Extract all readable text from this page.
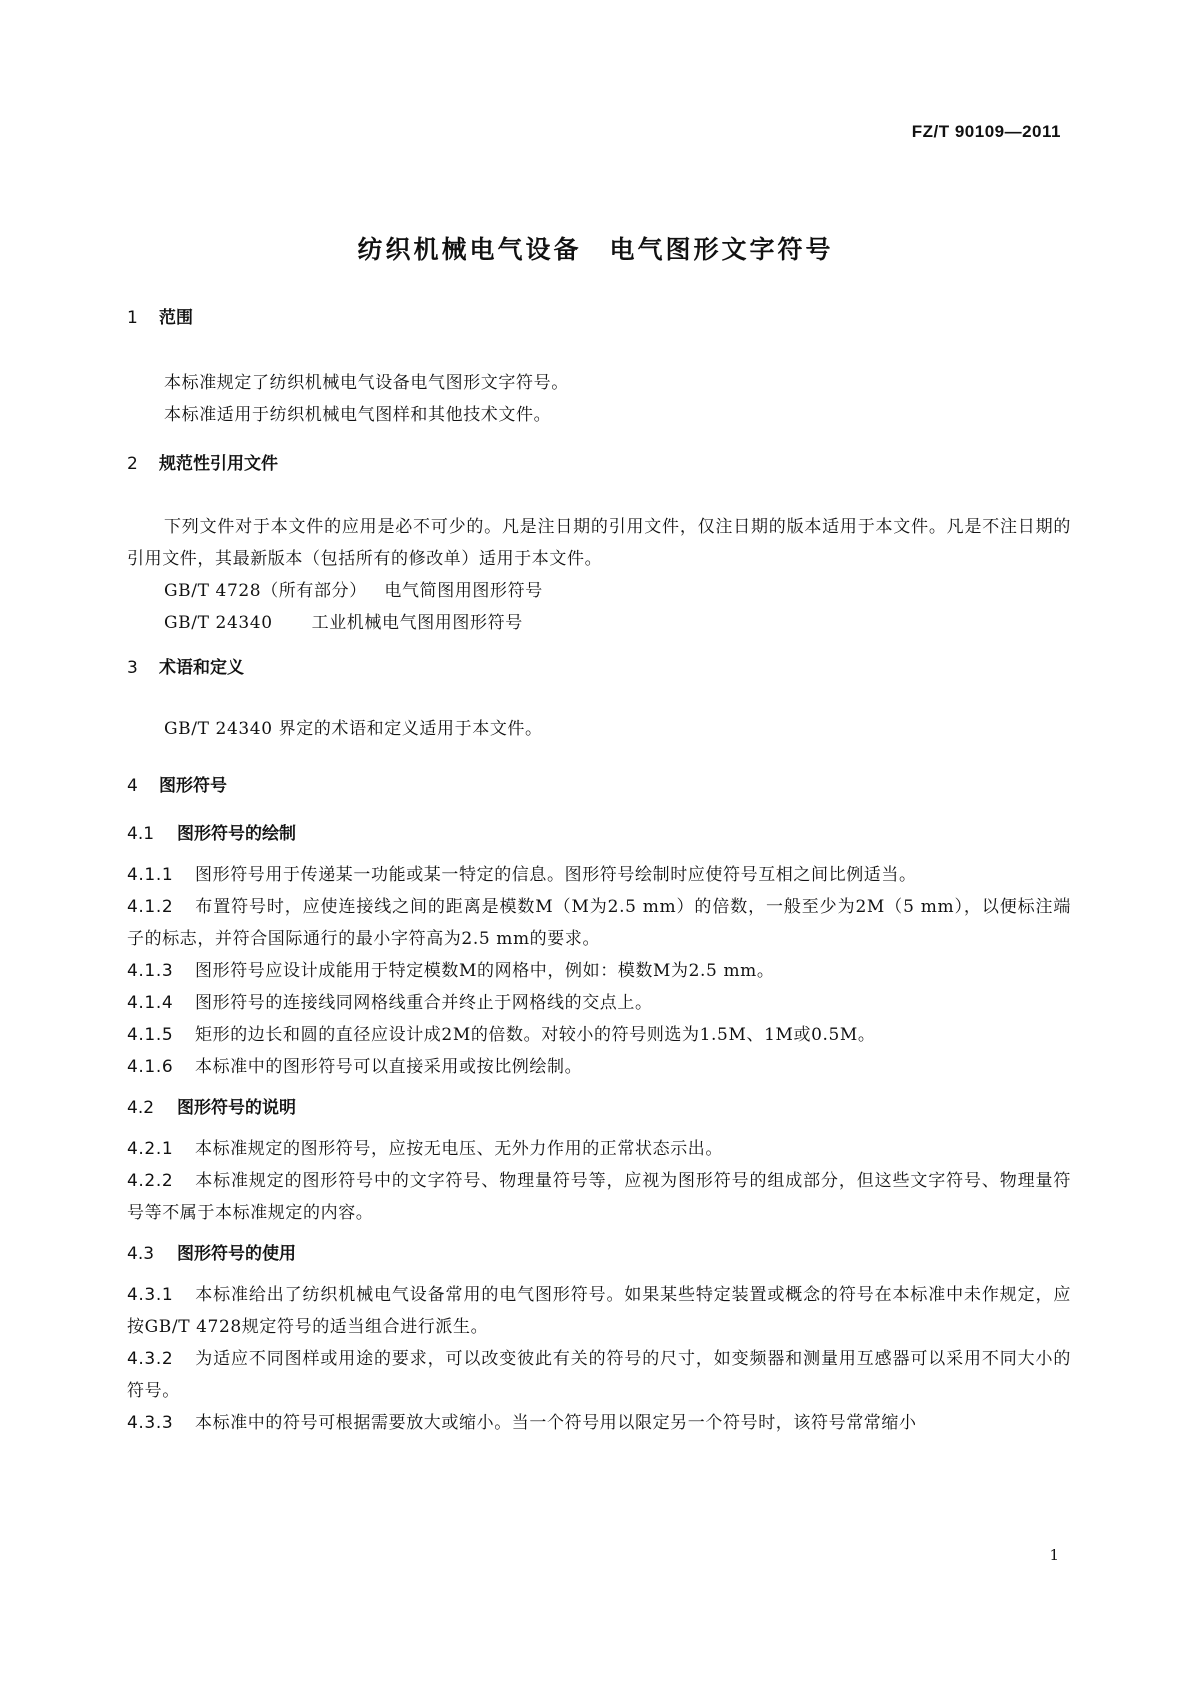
FZ/T 90109—2011
纺织机械电气设备　电气图形文字符号
1 范围
本标准规定了纺织机械电气设备电气图形文字符号。
本标准适用于纺织机械电气图样和其他技术文件。
2 规范性引用文件
下列文件对于本文件的应用是必不可少的。凡是注日期的引用文件，仅注日期的版本适用于本文件。凡是不注日期的引用文件，其最新版本（包括所有的修改单）适用于本文件。
GB/T 4728（所有部分）　 电气简图用图形符号
GB/T 24340　 工业机械电气图用图形符号
3 术语和定义
GB/T 24340 界定的术语和定义适用于本文件。
4 图形符号
4.1 图形符号的绘制
4.1.1 图形符号用于传递某一功能或某一特定的信息。图形符号绘制时应使符号互相之间比例适当。
4.1.2 布置符号时，应使连接线之间的距离是模数M（M为2.5 mm）的倍数，一般至少为2M（5 mm），以便标注端子的标志，并符合国际通行的最小字符高为2.5 mm的要求。
4.1.3 图形符号应设计成能用于特定模数M的网格中，例如：模数M为2.5 mm。
4.1.4 图形符号的连接线同网格线重合并终止于网格线的交点上。
4.1.5 矩形的边长和圆的直径应设计成2M的倍数。对较小的符号则选为1.5M、1M或0.5M。
4.1.6 本标准中的图形符号可以直接采用或按比例绘制。
4.2 图形符号的说明
4.2.1 本标准规定的图形符号，应按无电压、无外力作用的正常状态示出。
4.2.2 本标准规定的图形符号中的文字符号、物理量符号等，应视为图形符号的组成部分，但这些文字符号、物理量符号等不属于本标准规定的内容。
4.3 图形符号的使用
4.3.1 本标准给出了纺织机械电气设备常用的电气图形符号。如果某些特定装置或概念的符号在本标准中未作规定，应按GB/T 4728规定符号的适当组合进行派生。
4.3.2 为适应不同图样或用途的要求，可以改变彼此有关的符号的尺寸，如变频器和测量用互感器可以采用不同大小的符号。
4.3.3 本标准中的符号可根据需要放大或缩小。当一个符号用以限定另一个符号时，该符号常常缩小
1
